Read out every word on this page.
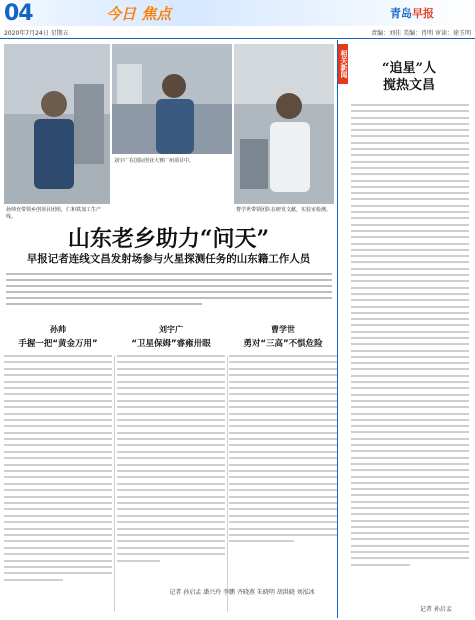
04	今日 焦点	青岛早报
2020年7月24日 星期五	责编：刘佳 美编：肖明 审读：徐玉明
孙帅充带领乡创项目团组，仁和铁加工生产线。
刘宇广在国际创业大赛广州项目中。
曹学世带领团队在研发文献，实验室检测。
山东老乡助力“问天”
早报记者连线文昌发射场参与火星探测任务的山东籍工作人员
孙帅
手握一把“黄金万用”
刘宇广
“卫星保姆”睿雍卅眼
曹学世
勇对“三高”不惧危险
记者 孙启孟 潘兴玲 李鹏 齐晓燕 朱晓明 胡洪晓 刘泓冰
相关新闻	“追星”人
搅热文昌
记者 孙启孟
